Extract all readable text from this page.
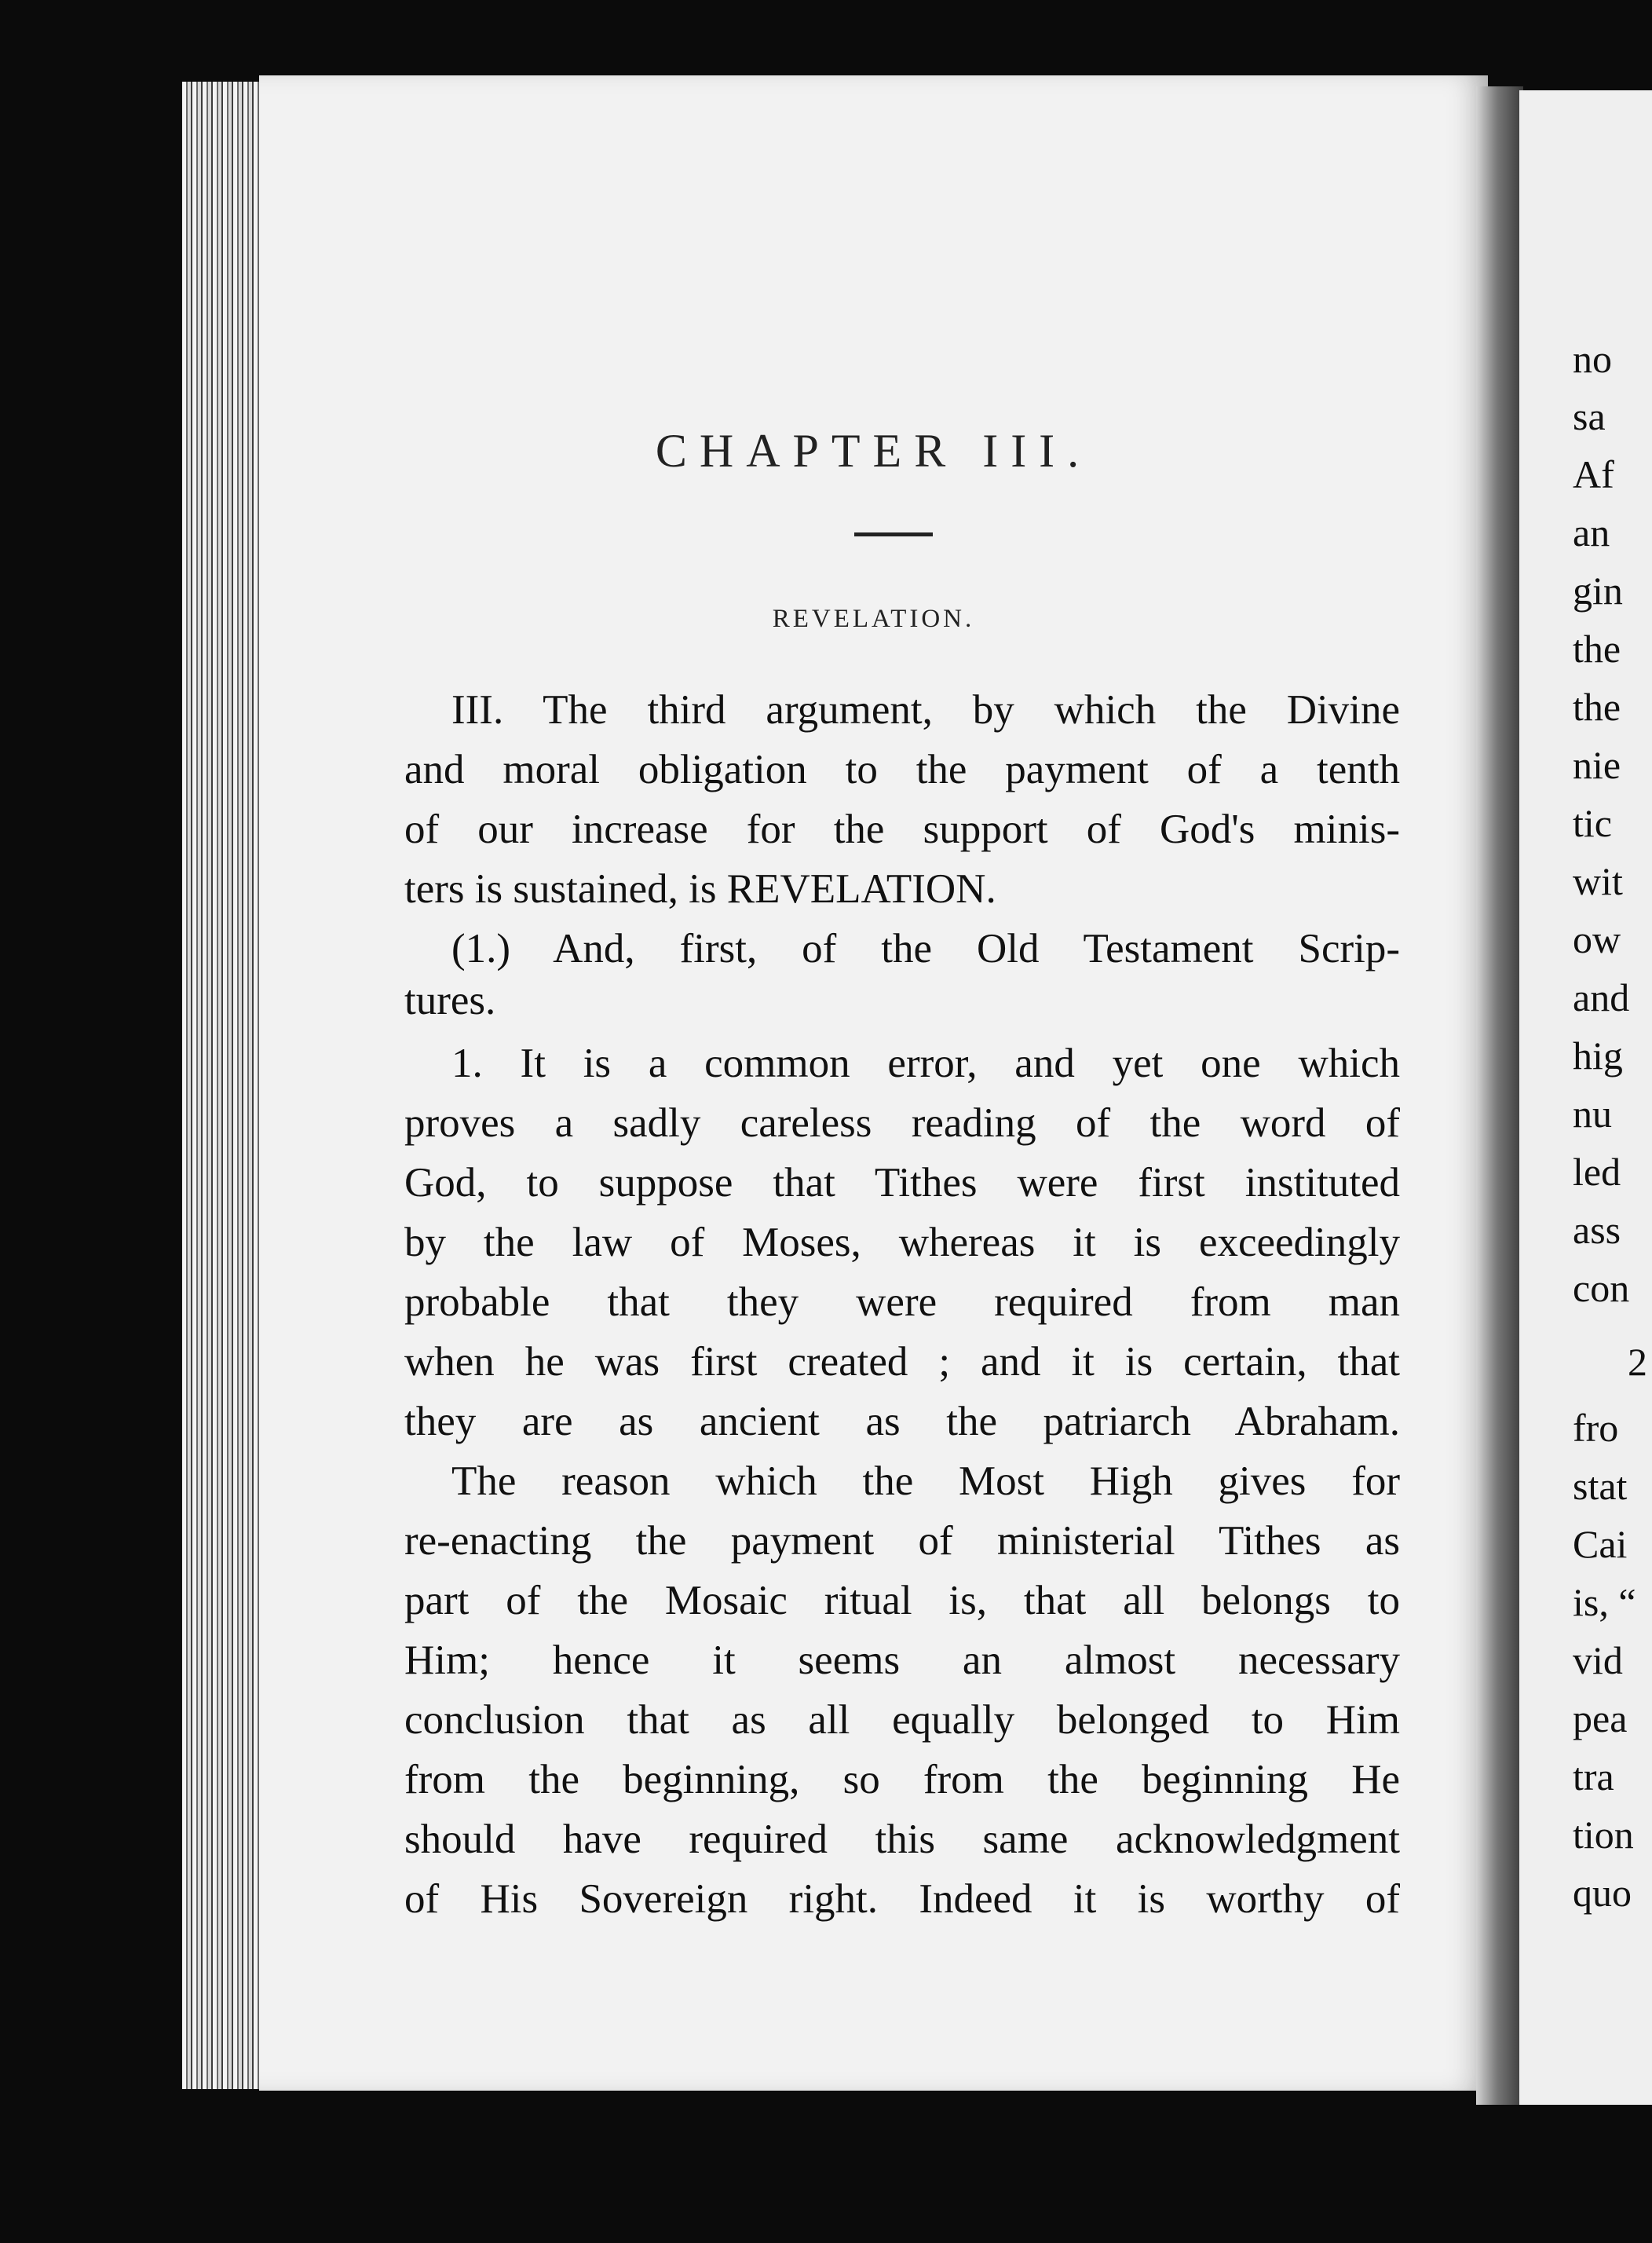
CHAPTER III.
REVELATION.
III. The third argument, by which the Divine
and moral obligation to the payment of a tenth
of our increase for the support of God's minis-
ters is sustained, is REVELATION.
(1.) And, first, of the Old Testament Scrip-
tures.
1. It is a common error, and yet one which
proves a sadly careless reading of the word of
God, to suppose that Tithes were first instituted
by the law of Moses, whereas it is exceedingly
probable that they were required from man
when he was first created ; and it is certain, that
they are as ancient as the patriarch Abraham.
The reason which the Most High gives for
re-enacting the payment of ministerial Tithes as
part of the Mosaic ritual is, that all belongs to
Him; hence it seems an almost necessary
conclusion that as all equally belonged to Him
from the beginning, so from the beginning He
should have required this same acknowledgment
of His Sovereign right. Indeed it is worthy of
no
sa
Af
an
gin
the
the
nie
tic
wit
ow
and
hig
nu
led
ass
con
2
fro
stat
Cai
is, “
vid
pea
tra
tion
quo
